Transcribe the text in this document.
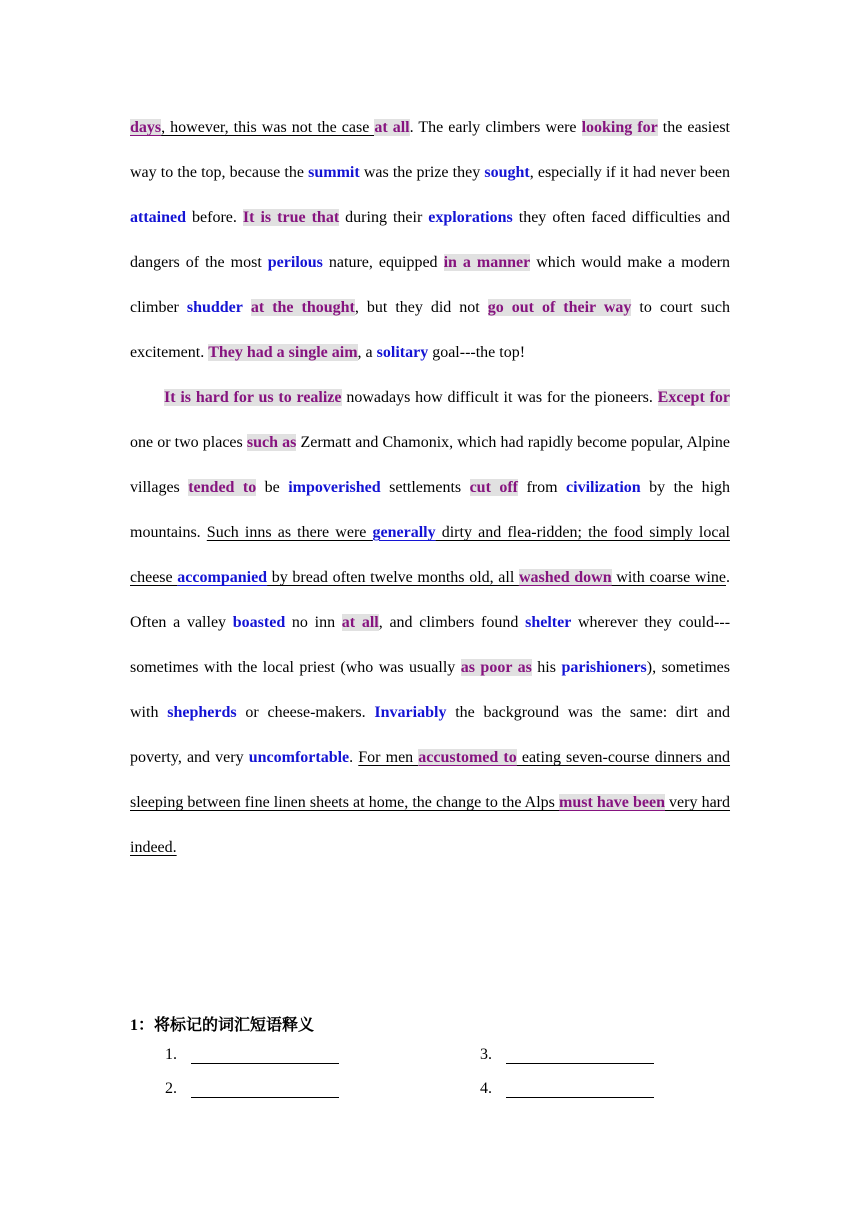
days, however, this was not the case at all. The early climbers were looking for the easiest way to the top, because the summit was the prize they sought, especially if it had never been attained before. It is true that during their explorations they often faced difficulties and dangers of the most perilous nature, equipped in a manner which would make a modern climber shudder at the thought, but they did not go out of their way to court such excitement. They had a single aim, a solitary goal---the top!

It is hard for us to realize nowadays how difficult it was for the pioneers. Except for one or two places such as Zermatt and Chamonix, which had rapidly become popular, Alpine villages tended to be impoverished settlements cut off from civilization by the high mountains. Such inns as there were generally dirty and flea-ridden; the food simply local cheese accompanied by bread often twelve months old, all washed down with coarse wine. Often a valley boasted no inn at all, and climbers found shelter wherever they could---sometimes with the local priest (who was usually as poor as his parishioners), sometimes with shepherds or cheese-makers. Invariably the background was the same: dirt and poverty, and very uncomfortable. For men accustomed to eating seven-course dinners and sleeping between fine linen sheets at home, the change to the Alps must have been very hard indeed.

1：将标记的词汇短语释义
1.
2.
3.
4.
